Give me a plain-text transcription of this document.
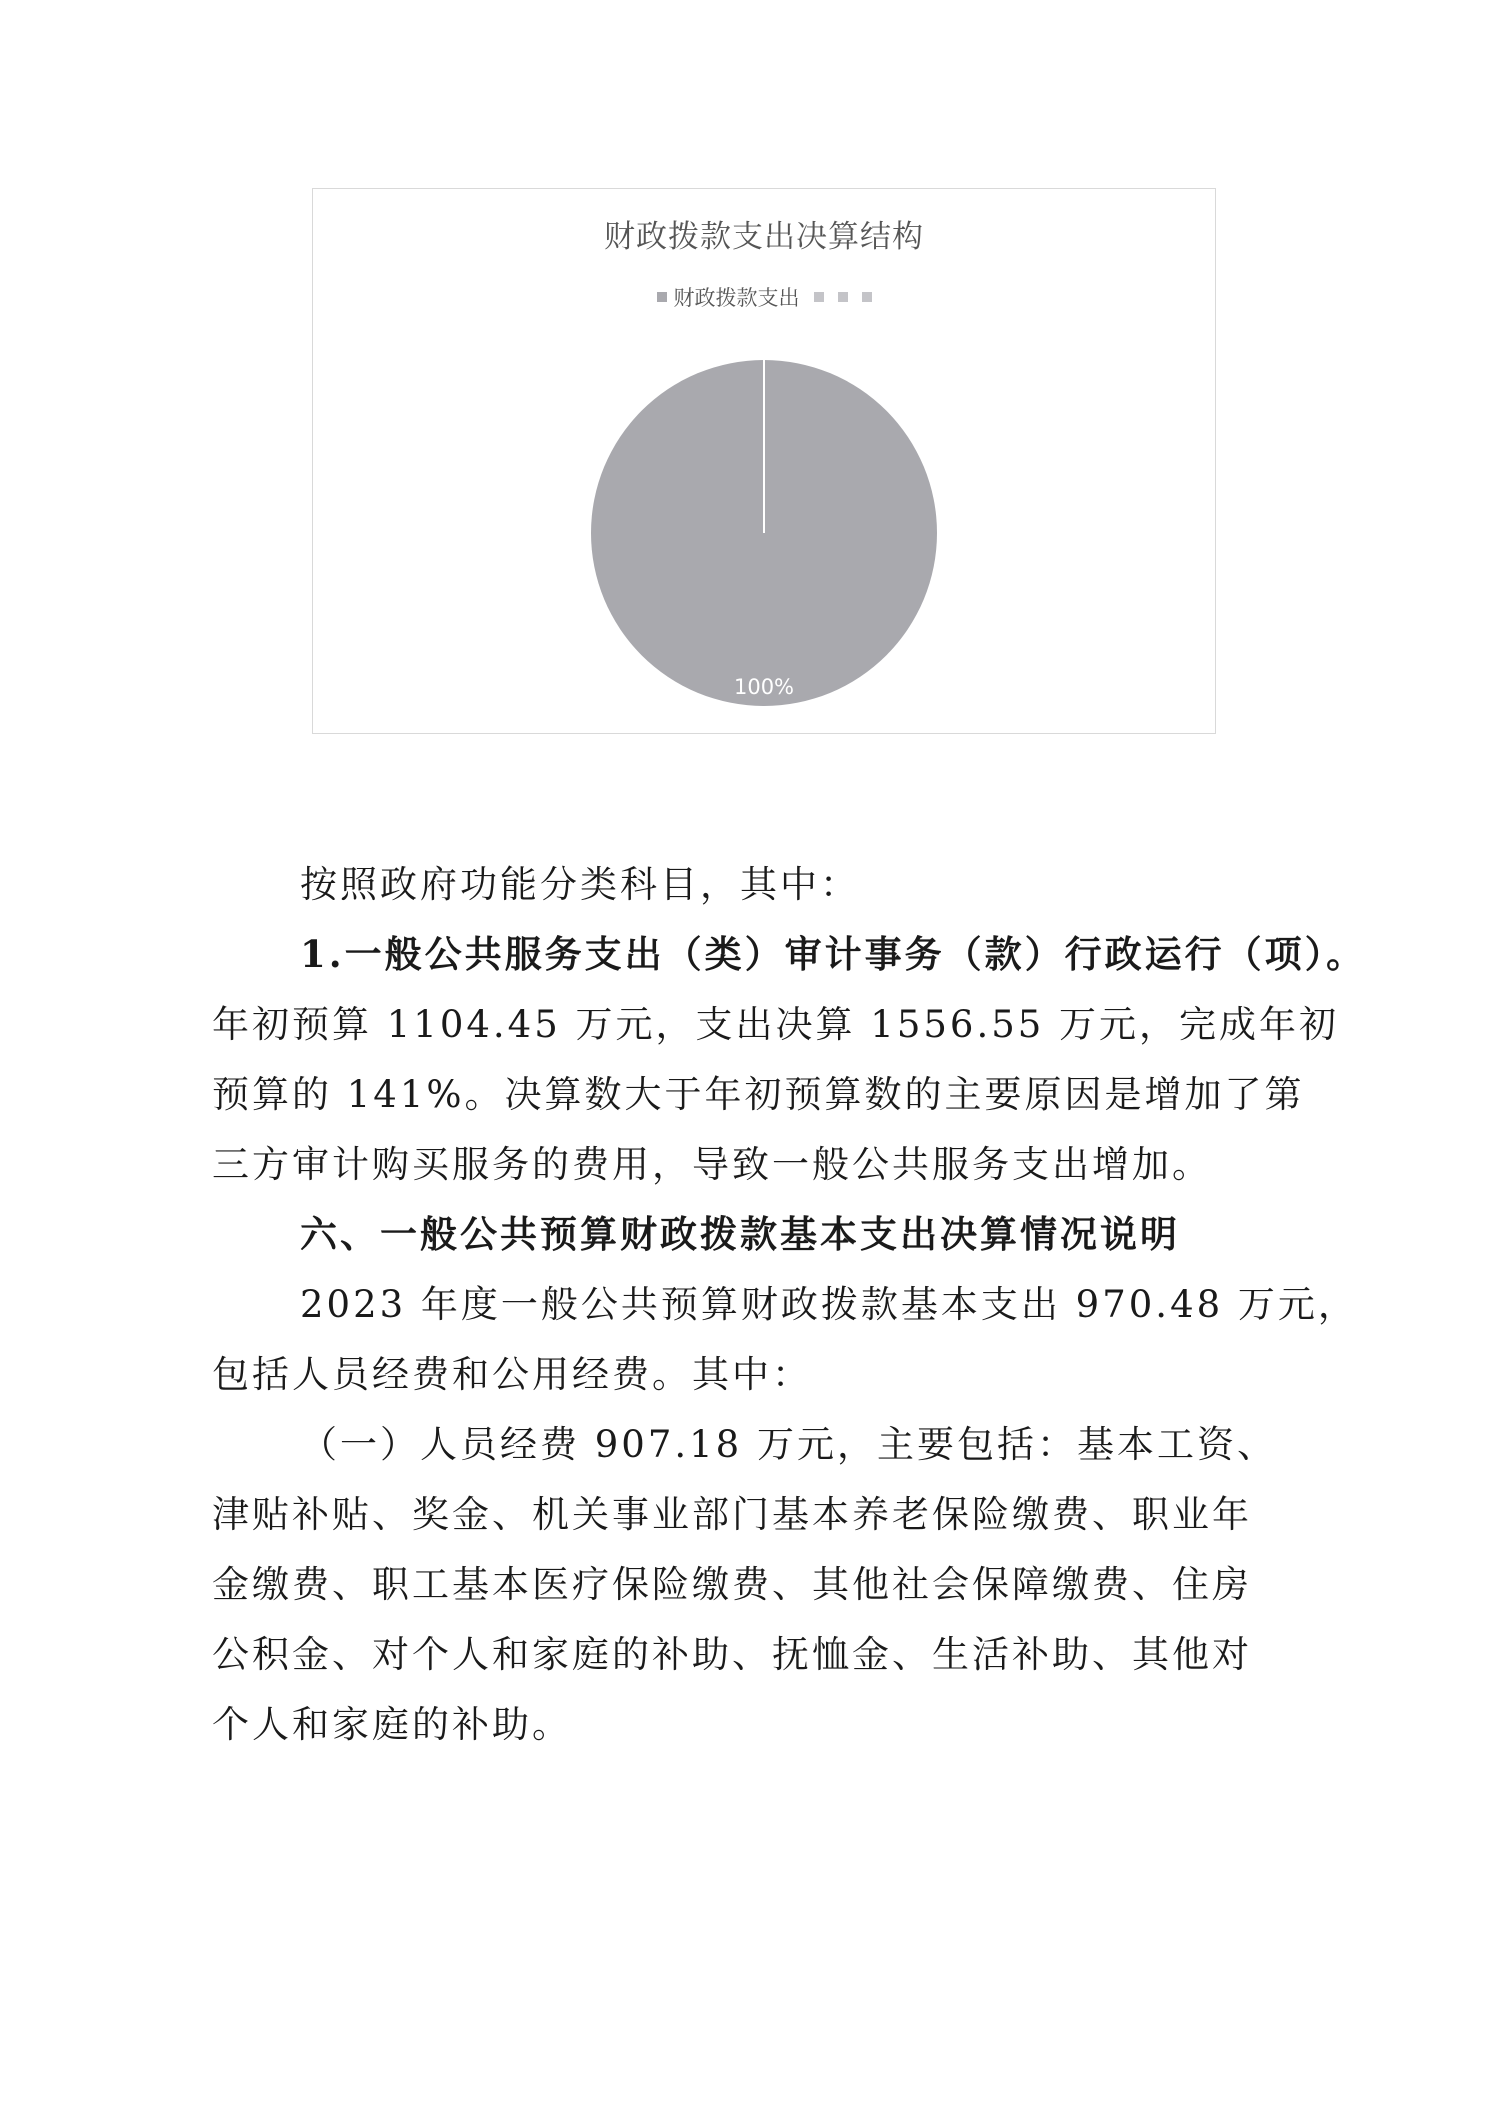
财政拨款支出决算结构
财政拨款支出
100%
按照政府功能分类科目，其中：
1.一般公共服务支出（类）审计事务（款）行政运行（项）。
年初预算 1104.45 万元，支出决算 1556.55 万元，完成年初
预算的 141%。决算数大于年初预算数的主要原因是增加了第
三方审计购买服务的费用，导致一般公共服务支出增加。
六、一般公共预算财政拨款基本支出决算情况说明
2023 年度一般公共预算财政拨款基本支出 970.48 万元，
包括人员经费和公用经费。其中：
（一）人员经费 907.18 万元，主要包括：基本工资、
津贴补贴、奖金、机关事业部门基本养老保险缴费、职业年
金缴费、职工基本医疗保险缴费、其他社会保障缴费、住房
公积金、对个人和家庭的补助、抚恤金、生活补助、其他对
个人和家庭的补助。
